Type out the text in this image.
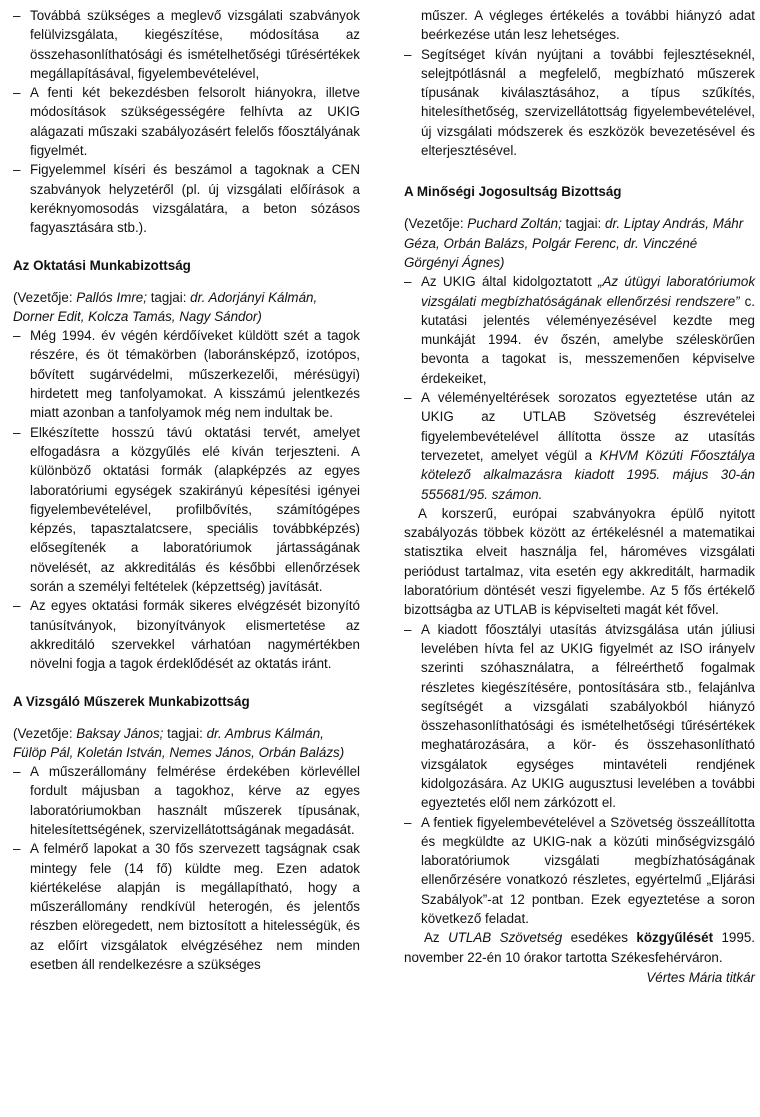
– Továbbá szükséges a meglevő vizsgálati szabványok felülvizsgálata, kiegészítése, módosítása az összehasonlíthatósági és ismételhetőségi tűrésértékek megállapításával, figyelembevételével,
– A fenti két bekezdésben felsorolt hiányokra, illetve módosítások szükségességére felhívta az UKIG alágazati műszaki szabályozásért felelős főosztályának figyelmét.
– Figyelemmel kíséri és beszámol a tagoknak a CEN szabványok helyzetéről (pl. új vizsgálati előírások a keréknyomosodás vizsgálatára, a beton sózásos fagyasztására stb.).
Az Oktatási Munkabizottság

(Vezetője: Pallós Imre; tagjai: dr. Adorjányi Kálmán, Dorner Edit, Kolcza Tamás, Nagy Sándor)

– Még 1994. év végén kérdőíveket küldött szét a tagok részére, és öt témakörben (laboránsképző, izotópos, bővített sugárvédelmi, műszerkezelői, mérésügyi) hirdetett meg tanfolyamokat. A kisszámú jelentkezés miatt azonban a tanfolyamok még nem indultak be.
– Elkészítette hosszú távú oktatási tervét, amelyet elfogadásra a közgyűlés elé kíván terjeszteni. A különböző oktatási formák (alapképzés az egyes laboratóriumi egységek szakirányú képesítési igényei figyelembevételével, profilbővítés, számítógépes képzés, tapasztalatcsere, speciális továbbképzés) elősegítenék a laboratóriumok jártasságának növelését, az akkreditálás és későbbi ellenőrzések során a személyi feltételek (képzettség) javítását.
– Az egyes oktatási formák sikeres elvégzését bizonyító tanúsítványok, bizonyítványok elismertetése az akkreditáló szervekkel várhatóan nagymértékben növelni fogja a tagok érdeklődését az oktatás iránt.
A Vizsgáló Műszerek Munkabizottság

(Vezetője: Baksay János; tagjai: dr. Ambrus Kálmán, Fülöp Pál, Koletán István, Nemes János, Orbán Balázs)

– A műszerállomány felmérése érdekében körlevéllel fordult májusban a tagokhoz, kérve az egyes laboratóriumokban használt műszerek típusának, hitelesítettségének, szervizellátottságának megadását.
– A felmérő lapokat a 30 fős szervezett tagságnak csak mintegy fele (14 fő) küldte meg. Ezen adatok kiértékelése alapján is megállapítható, hogy a műszerállomány rendkívül heterogén, és jelentős részben elöregedett, nem biztosított a hitelességük, és az előírt vizsgálatok elvégzéséhez nem minden esetben áll rendelkezésre a szükséges

műszer. A végleges értékelés a további hiányzó adat beérkezése után lesz lehetséges.

– Segítséget kíván nyújtani a további fejlesztéseknél, selejtpótlásnál a megfelelő, megbízható műszerek típusának kiválasztásához, a típus szűkítés, hitelesíthetőség, szervizellátottság figyelembevételével, új vizsgálati módszerek és eszközök bevezetésével és elterjesztésével.
A Minőségi Jogosultság Bizottság

(Vezetője: Puchard Zoltán; tagjai: dr. Liptay András, Máhr Géza, Orbán Balázs, Polgár Ferenc, dr. Vinczéné Görgényi Ágnes)

– Az UKIG által kidolgoztatott „Az útügyi laboratóriumok vizsgálati megbízhatóságának ellenőrzési rendszere” c. kutatási jelentés véleményezésével kezdte meg munkáját 1994. év őszén, amelybe széleskörűen bevonta a tagokat is, messzemenően képviselve érdekeiket,
– A véleményeltérések sorozatos egyeztetése után az UKIG az UTLAB Szövetség észrevételei figyelembevételével állította össze az utasítás tervezetet, amelyet végül a KHVM Közúti Főosztálya kötelező alkalmazásra kiadott 1995. május 30-án 555681/95. számon.

A korszerű, európai szabványokra épülő nyitott szabályozás többek között az értékelésnél a matematikai statisztika elveit használja fel, hároméves vizsgálati periódust tartalmaz, vita esetén egy akkreditált, harmadik laboratórium döntését veszi figyelembe. Az 5 fős értékelő bizottságba az UTLAB is képviselteti magát két fővel.

– A kiadott főosztályi utasítás átvizsgálása után júliusi levelében hívta fel az UKIG figyelmét az ISO irányelv szerinti szóhasználatra, a félreérthető fogalmak részletes kiegészítésére, pontosítására stb., felajánlva segítségét a vizsgálati szabályokból hiányzó összehasonlíthatósági és ismételhetőségi tűrésértékek meghatározására, a kör- és összehasonlítható vizsgálatok egységes mintavételi rendjének kidolgozására. Az UKIG augusztusi levelében a további egyeztetés elől nem zárkózott el.
– A fentiek figyelembevételével a Szövetség összeállította és megküldte az UKIG-nak a közúti minőségvizsgáló laboratóriumok vizsgálati megbízhatóságának ellenőrzésére vonatkozó részletes, egyértelmű „Eljárási Szabályok”-at 12 pontban. Ezek egyeztetése a soron következő feladat.

Az UTLAB Szövetség esedékes közgyűlését 1995. november 22-én 10 órakor tartotta Székesfehérváron.

Vértes Mária titkár
